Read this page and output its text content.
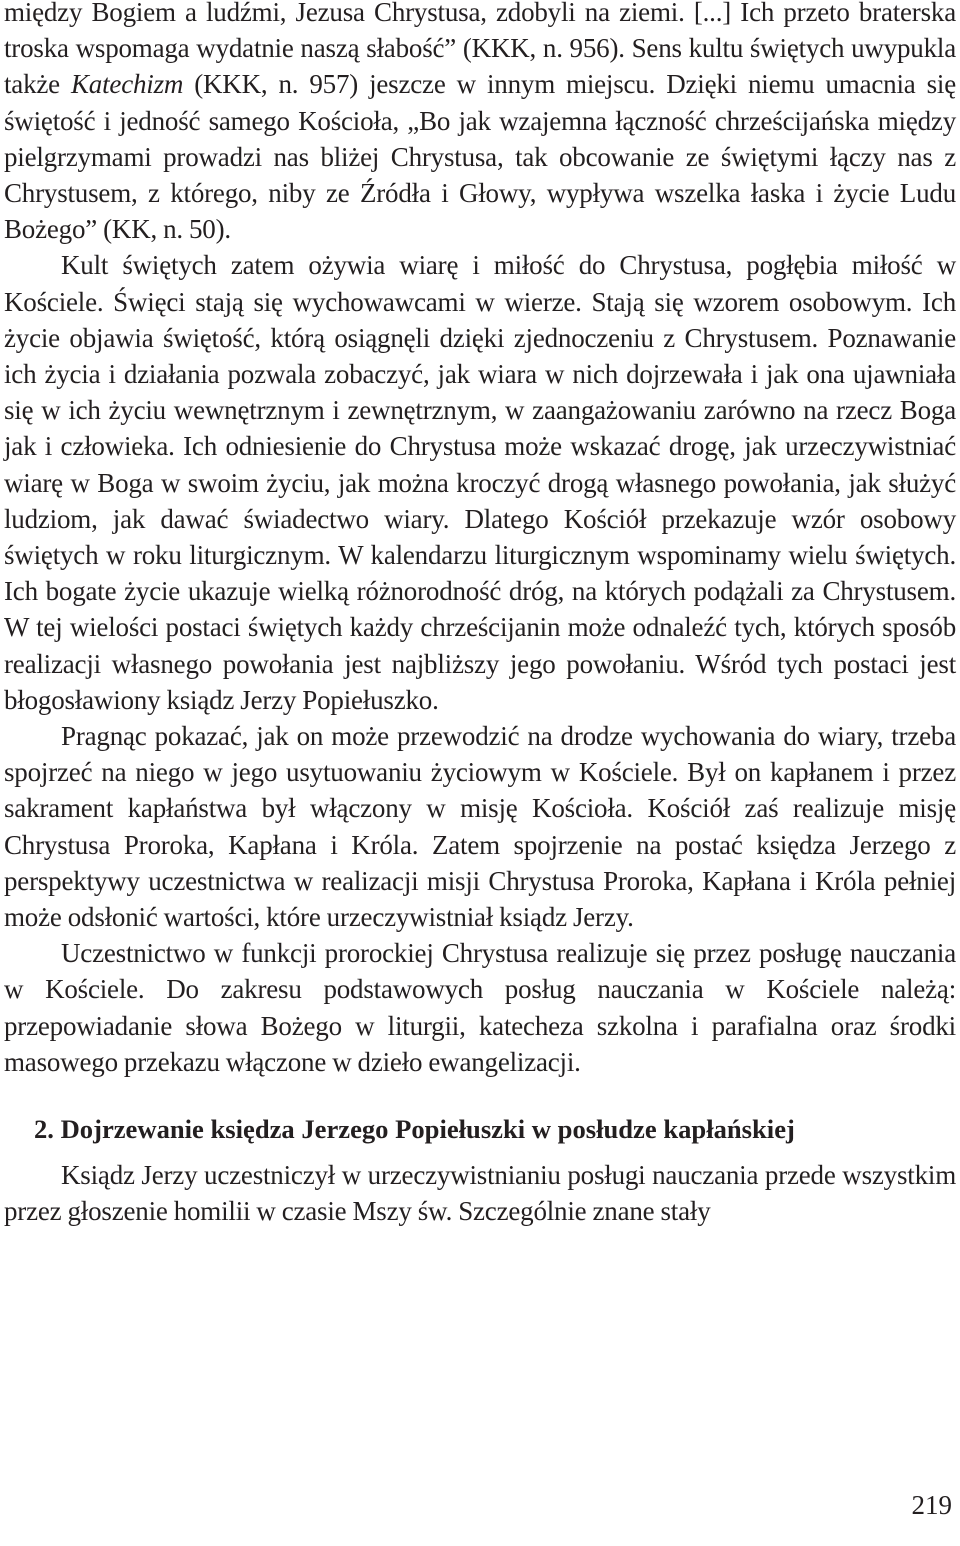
między Bogiem a ludźmi, Jezusa Chrystusa, zdobyli na ziemi. [...] Ich przeto braterska troska wspomaga wydatnie naszą słabość” (KKK, n. 956). Sens kultu świętych uwypukla także Katechizm (KKK, n. 957) jeszcze w innym miejscu. Dzięki niemu umacnia się świętość i jedność samego Kościoła, „Bo jak wzajemna łączność chrześcijańska między pielgrzymami prowadzi nas bliżej Chrystusa, tak obcowanie ze świętymi łączy nas z Chrystusem, z którego, niby ze Źródła i Głowy, wypływa wszelka łaska i życie Ludu Bożego” (KK, n. 50).

Kult świętych zatem ożywia wiarę i miłość do Chrystusa, pogłębia miłość w Kościele. Święci stają się wychowawcami w wierze. Stają się wzorem osobowym. Ich życie objawia świętość, którą osiągnęli dzięki zjednoczeniu z Chrystusem. Poznawanie ich życia i działania pozwala zobaczyć, jak wiara w nich dojrzewała i jak ona ujawniała się w ich życiu wewnętrznym i zewnętrznym, w zaangażowaniu zarówno na rzecz Boga jak i człowieka. Ich odniesienie do Chrystusa może wskazać drogę, jak urzeczywistniać wiarę w Boga w swoim życiu, jak można kroczyć drogą własnego powołania, jak służyć ludziom, jak dawać świadectwo wiary. Dlatego Kościół przekazuje wzór osobowy świętych w roku liturgicznym. W kalendarzu liturgicznym wspominamy wielu świętych. Ich bogate życie ukazuje wielką różnorodność dróg, na których podążali za Chrystusem. W tej wielości postaci świętych każdy chrześcijanin może odnaleźć tych, których sposób realizacji własnego powołania jest najbliższy jego powołaniu. Wśród tych postaci jest błogosławiony ksiądz Jerzy Popiełuszko.

Pragnąc pokazać, jak on może przewodzić na drodze wychowania do wiary, trzeba spojrzeć na niego w jego usytuowaniu życiowym w Kościele. Był on kapłanem i przez sakrament kapłaństwa był włączony w misję Kościoła. Kościół zaś realizuje misję Chrystusa Proroka, Kapłana i Króla. Zatem spojrzenie na postać księdza Jerzego z perspektywy uczestnictwa w realizacji misji Chrystusa Proroka, Kapłana i Króla pełniej może odsłonić wartości, które urzeczywistniał ksiądz Jerzy.

Uczestnictwo w funkcji prorockiej Chrystusa realizuje się przez posługę nauczania w Kościele. Do zakresu podstawowych posług nauczania w Kościele należą: przepowiadanie słowa Bożego w liturgii, katecheza szkolna i parafialna oraz środki masowego przekazu włączone w dzieło ewangelizacji.

2. Dojrzewanie księdza Jerzego Popiełuszki w posłudze kapłańskiej

Ksiądz Jerzy uczestniczył w urzeczywistnianiu posługi nauczania przede wszystkim przez głoszenie homilii w czasie Mszy św. Szczególnie znane stały

219
